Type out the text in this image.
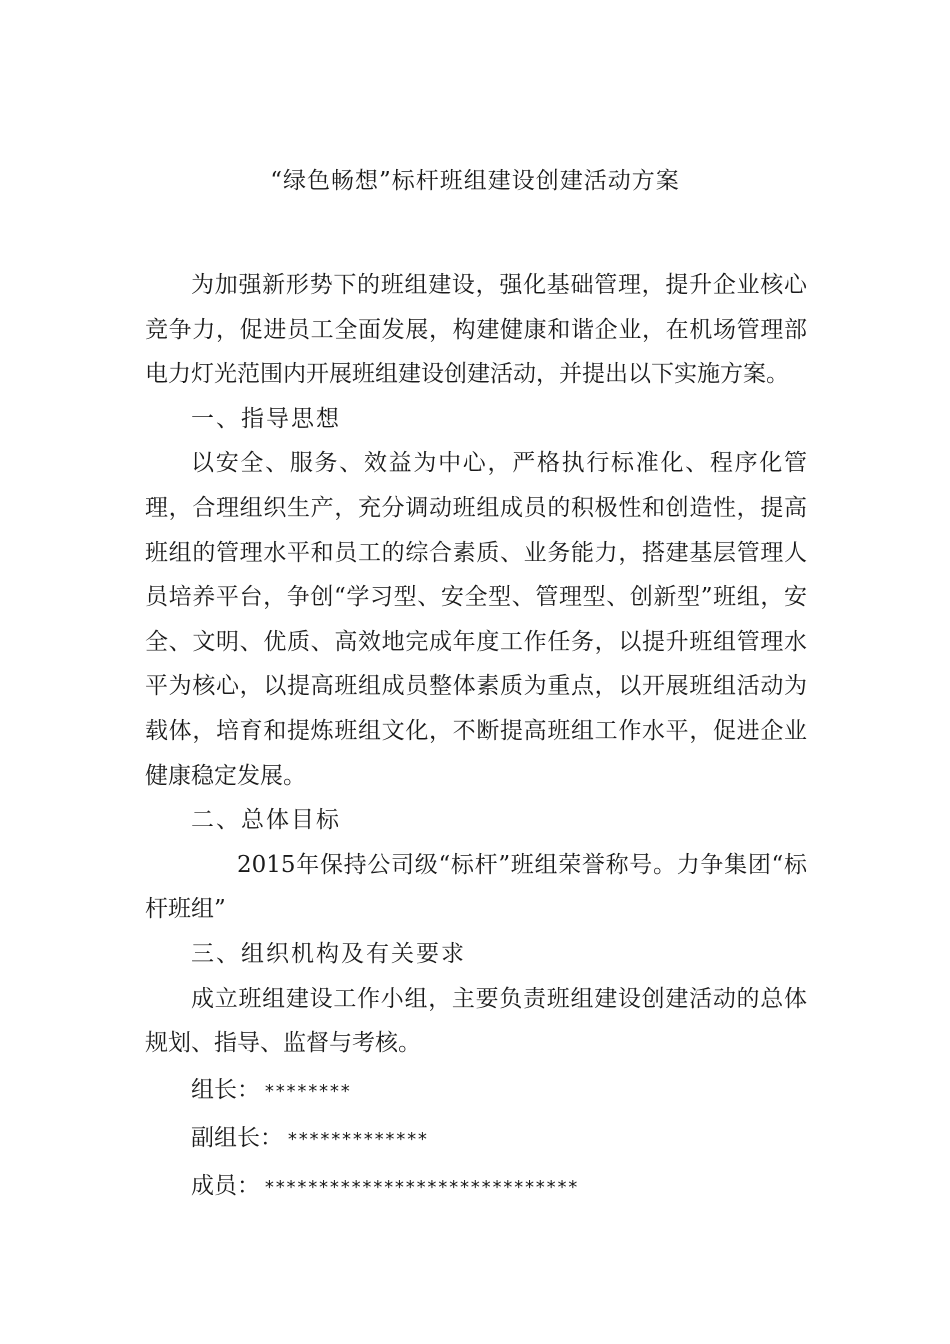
“绿色畅想”标杆班组建设创建活动方案

为加强新形势下的班组建设，强化基础管理，提升企业核心竞争力，促进员工全面发展，构建健康和谐企业，在机场管理部电力灯光范围内开展班组建设创建活动，并提出以下实施方案。

一、指导思想

以安全、服务、效益为中心，严格执行标准化、程序化管理，合理组织生产，充分调动班组成员的积极性和创造性，提高班组的管理水平和员工的综合素质、业务能力，搭建基层管理人员培养平台，争创“学习型、安全型、管理型、创新型”班组，安全、文明、优质、高效地完成年度工作任务，以提升班组管理水平为核心，以提高班组成员整体素质为重点，以开展班组活动为载体，培育和提炼班组文化，不断提高班组工作水平，促进企业健康稳定发展。

二、总体目标

2015年保持公司级“标杆”班组荣誉称号。力争集团“标杆班组”

三、组织机构及有关要求

成立班组建设工作小组，主要负责班组建设创建活动的总体规划、指导、监督与考核。

组长： ********
副组长： *************
成员： *****************************
